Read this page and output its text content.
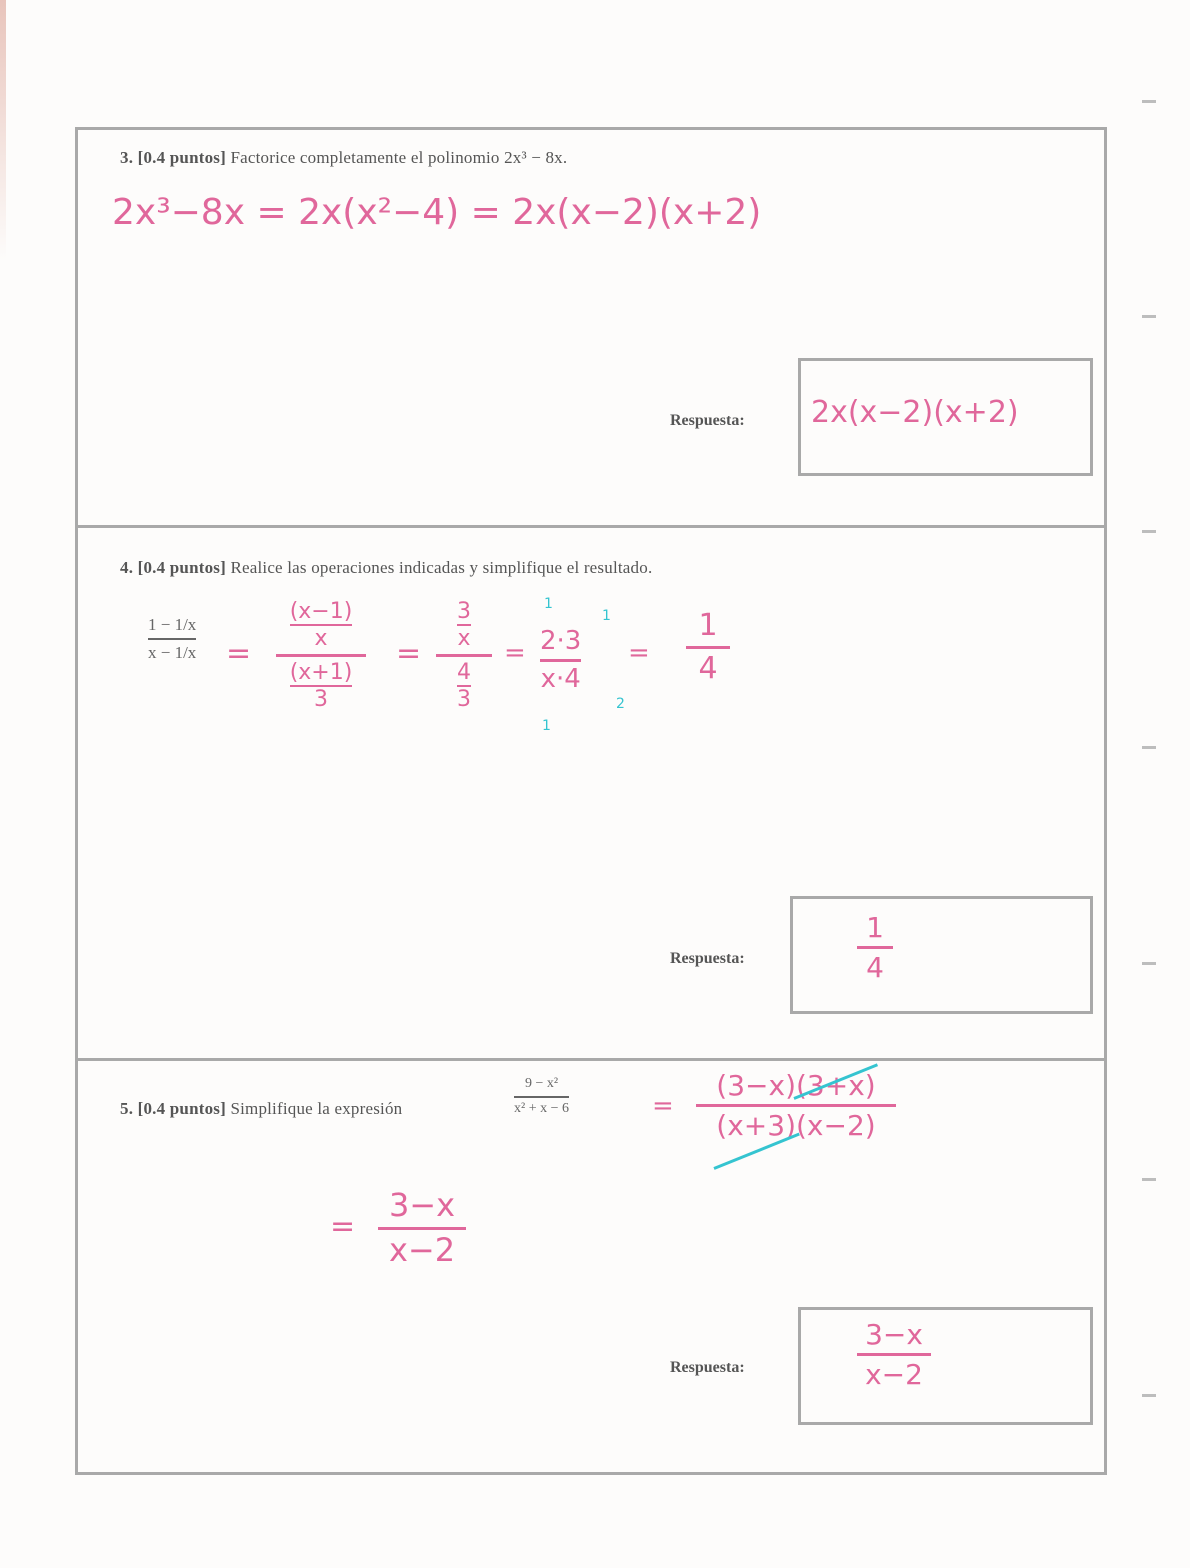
3. [0.4 puntos] Factorice completamente el polinomio 2x³ − 8x.
2x³−8x = 2x(x²−4) = 2x(x−2)(x+2)
Respuesta: 2x(x−2)(x+2)
4. [0.4 puntos] Realice las operaciones indicadas y simplifique el resultado.
1 − 1/x
x − 1/x =
(x−1)
x
(x+1)
3
=
3
x
4
3
= 2·3
x·4
1
1
2
1
=
1
4
Respuesta:
1
4
5. [0.4 puntos] Simplifique la expresión
9 − x²
x² + x − 6	=
(3−x)(3+x)
(x+3)(x−2)
=
3−x
x−2
Respuesta:
3−x
x−2
